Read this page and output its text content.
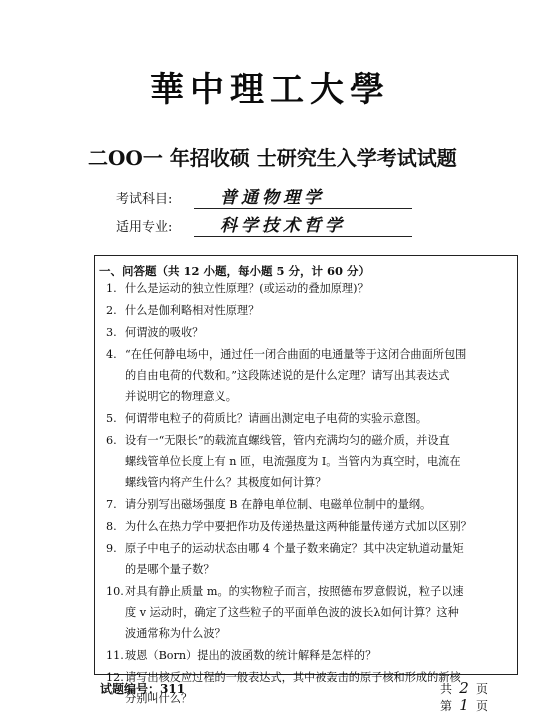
華中理工大學
二OO一 年招收硕 士研究生入学考试试题
考试科目:	普通物理学
适用专业:	科学技术哲学
一、问答题（共 12 小题，每小题 5 分，计 60 分）
1. 什么是运动的独立性原理？(或运动的叠加原理)？
2. 什么是伽利略相对性原理？
3. 何谓波的吸收？
4. “在任何静电场中，通过任一闭合曲面的电通量等于这闭合曲面所包围
的自由电荷的代数和。”这段陈述说的是什么定理？请写出其表达式
并说明它的物理意义。
5. 何谓带电粒子的荷质比？请画出测定电子电荷的实验示意图。
6. 设有一“无限长”的载流直螺线管，管内充满均匀的磁介质，并设直
螺线管单位长度上有 n 匝，电流强度为 I。当管内为真空时，电流在
螺线管内将产生什么？其极度如何计算？
7. 请分别写出磁场强度 B 在静电单位制、电磁单位制中的量纲。
8. 为什么在热力学中要把作功及传递热量这两种能量传递方式加以区别？
9. 原子中电子的运动状态由哪 4 个量子数来确定？其中决定轨道动量矩
的是哪个量子数？
10. 对具有静止质量 m。的实物粒子而言，按照德布罗意假说，粒子以速
度 v 运动时，确定了这些粒子的平面单色波的波长λ如何计算？这种
波通常称为什么波？
11. 玻恩（Born）提出的波函数的统计解释是怎样的？
12. 请写出核反应过程的一般表达式，其中被轰击的原子核和形成的新核
分别叫什么？
试题编号：311	共 2 页
第 1 页
